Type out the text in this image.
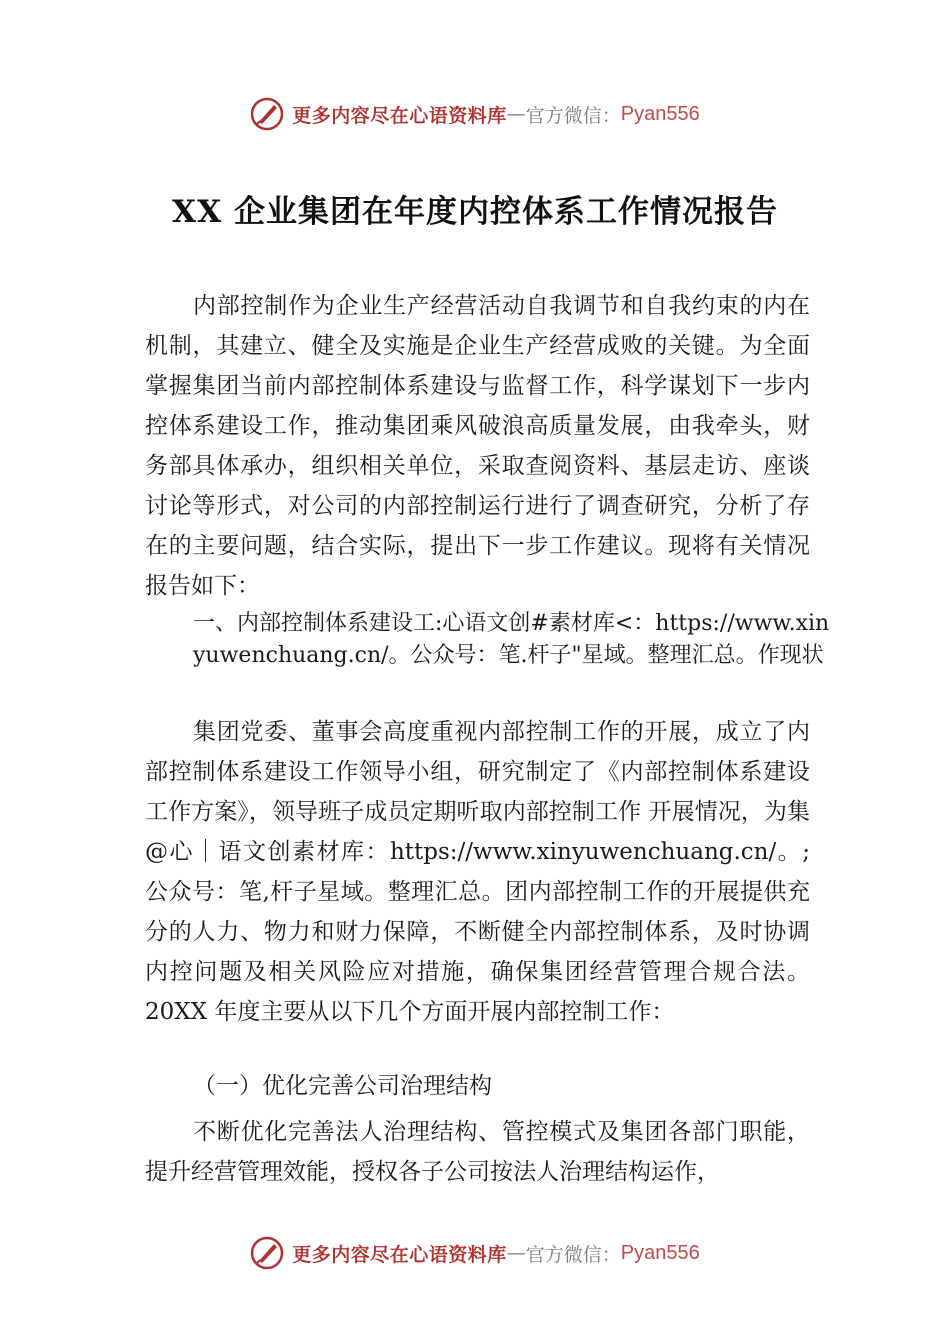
更多内容尽在心语资料库 — 官方微信： Pyan556
XX 企业集团在年度内控体系工作情况报告

内部控制作为企业生产经营活动自我调节和自我约束的内在机制，其建立、健全及实施是企业生产经营成败的关键。为全面掌握集团当前内部控制体系建设与监督工作，科学谋划下一步内控体系建设工作，推动集团乘风破浪高质量发展，由我牵头，财务部具体承办，组织相关单位，采取查阅资料、基层走访、座谈讨论等形式，对公司的内部控制运行进行了调查研究，分析了存在的主要问题，结合实际，提出下一步工作建议。现将有关情况报告如下：

一、内部控制体系建设工:心语文创#素材库<：https://www.xinyuwenchuang.cn/。公众号：笔.杆子"星域。整理汇总。作现状

集团党委、董事会高度重视内部控制工作的开展，成立了内部控制体系建设工作领导小组，研究制定了《内部控制体系建设工作方案》，领导班子成员定期听取内部控制工作 开展情况，为集@心｜语文创素材库：https://www.xinyuwenchuang.cn/。;公众号：笔,杆子星域。整理汇总。团内部控制工作的开展提供充分的人力、物力和财力保障，不断健全内部控制体系，及时协调内控问题及相关风险应对措施，确保集团经营管理合规合法。20XX 年度主要从以下几个方面开展内部控制工作：

（一）优化完善公司治理结构

不断优化完善法人治理结构、管控模式及集团各部门职能，提升经营管理效能，授权各子公司按法人治理结构运作，

更多内容尽在心语资料库 — 官方微信： Pyan556
